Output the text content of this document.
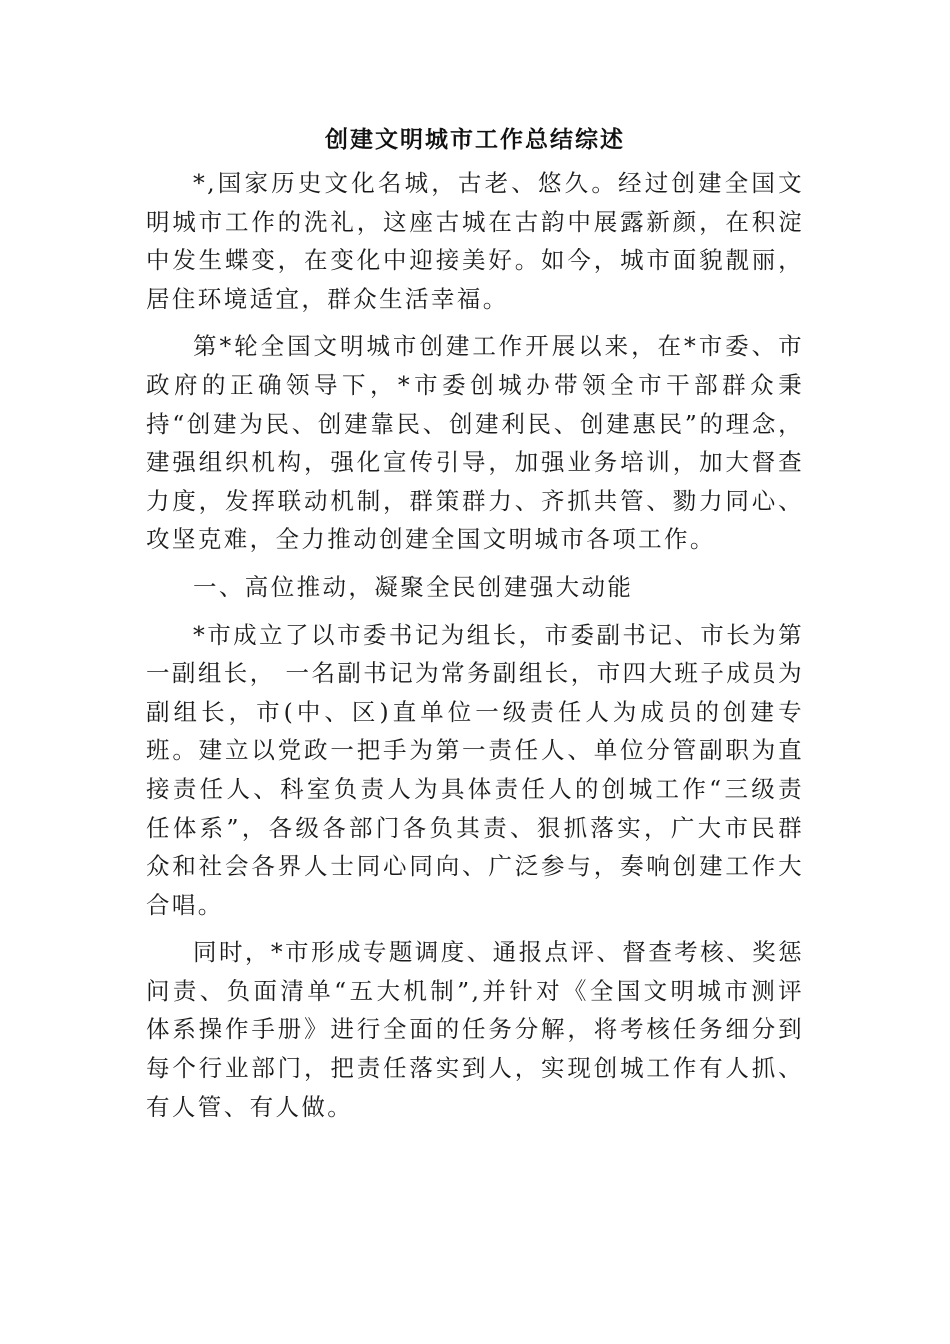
创建文明城市工作总结综述

*,国家历史文化名城，古老、悠久。经过创建全国文明城市工作的洗礼，这座古城在古韵中展露新颜，在积淀中发生蝶变，在变化中迎接美好。如今，城市面貌靓丽，居住环境适宜，群众生活幸福。

第*轮全国文明城市创建工作开展以来，在*市委、市政府的正确领导下，*市委创城办带领全市干部群众秉持“创建为民、创建靠民、创建利民、创建惠民”的理念，建强组织机构，强化宣传引导，加强业务培训，加大督查力度，发挥联动机制，群策群力、齐抓共管、勠力同心、攻坚克难，全力推动创建全国文明城市各项工作。

一、高位推动，凝聚全民创建强大动能

*市成立了以市委书记为组长，市委副书记、市长为第一副组长， 一名副书记为常务副组长，市四大班子成员为副组长，市(中、区)直单位一级责任人为成员的创建专班。建立以党政一把手为第一责任人、单位分管副职为直接责任人、科室负责人为具体责任人的创城工作“三级责任体系”，各级各部门各负其责、狠抓落实，广大市民群众和社会各界人士同心同向、广泛参与，奏响创建工作大合唱。

同时，*市形成专题调度、通报点评、督查考核、奖惩问责、负面清单“五大机制”,并针对《全国文明城市测评体系操作手册》进行全面的任务分解，将考核任务细分到每个行业部门，把责任落实到人，实现创城工作有人抓、有人管、有人做。
